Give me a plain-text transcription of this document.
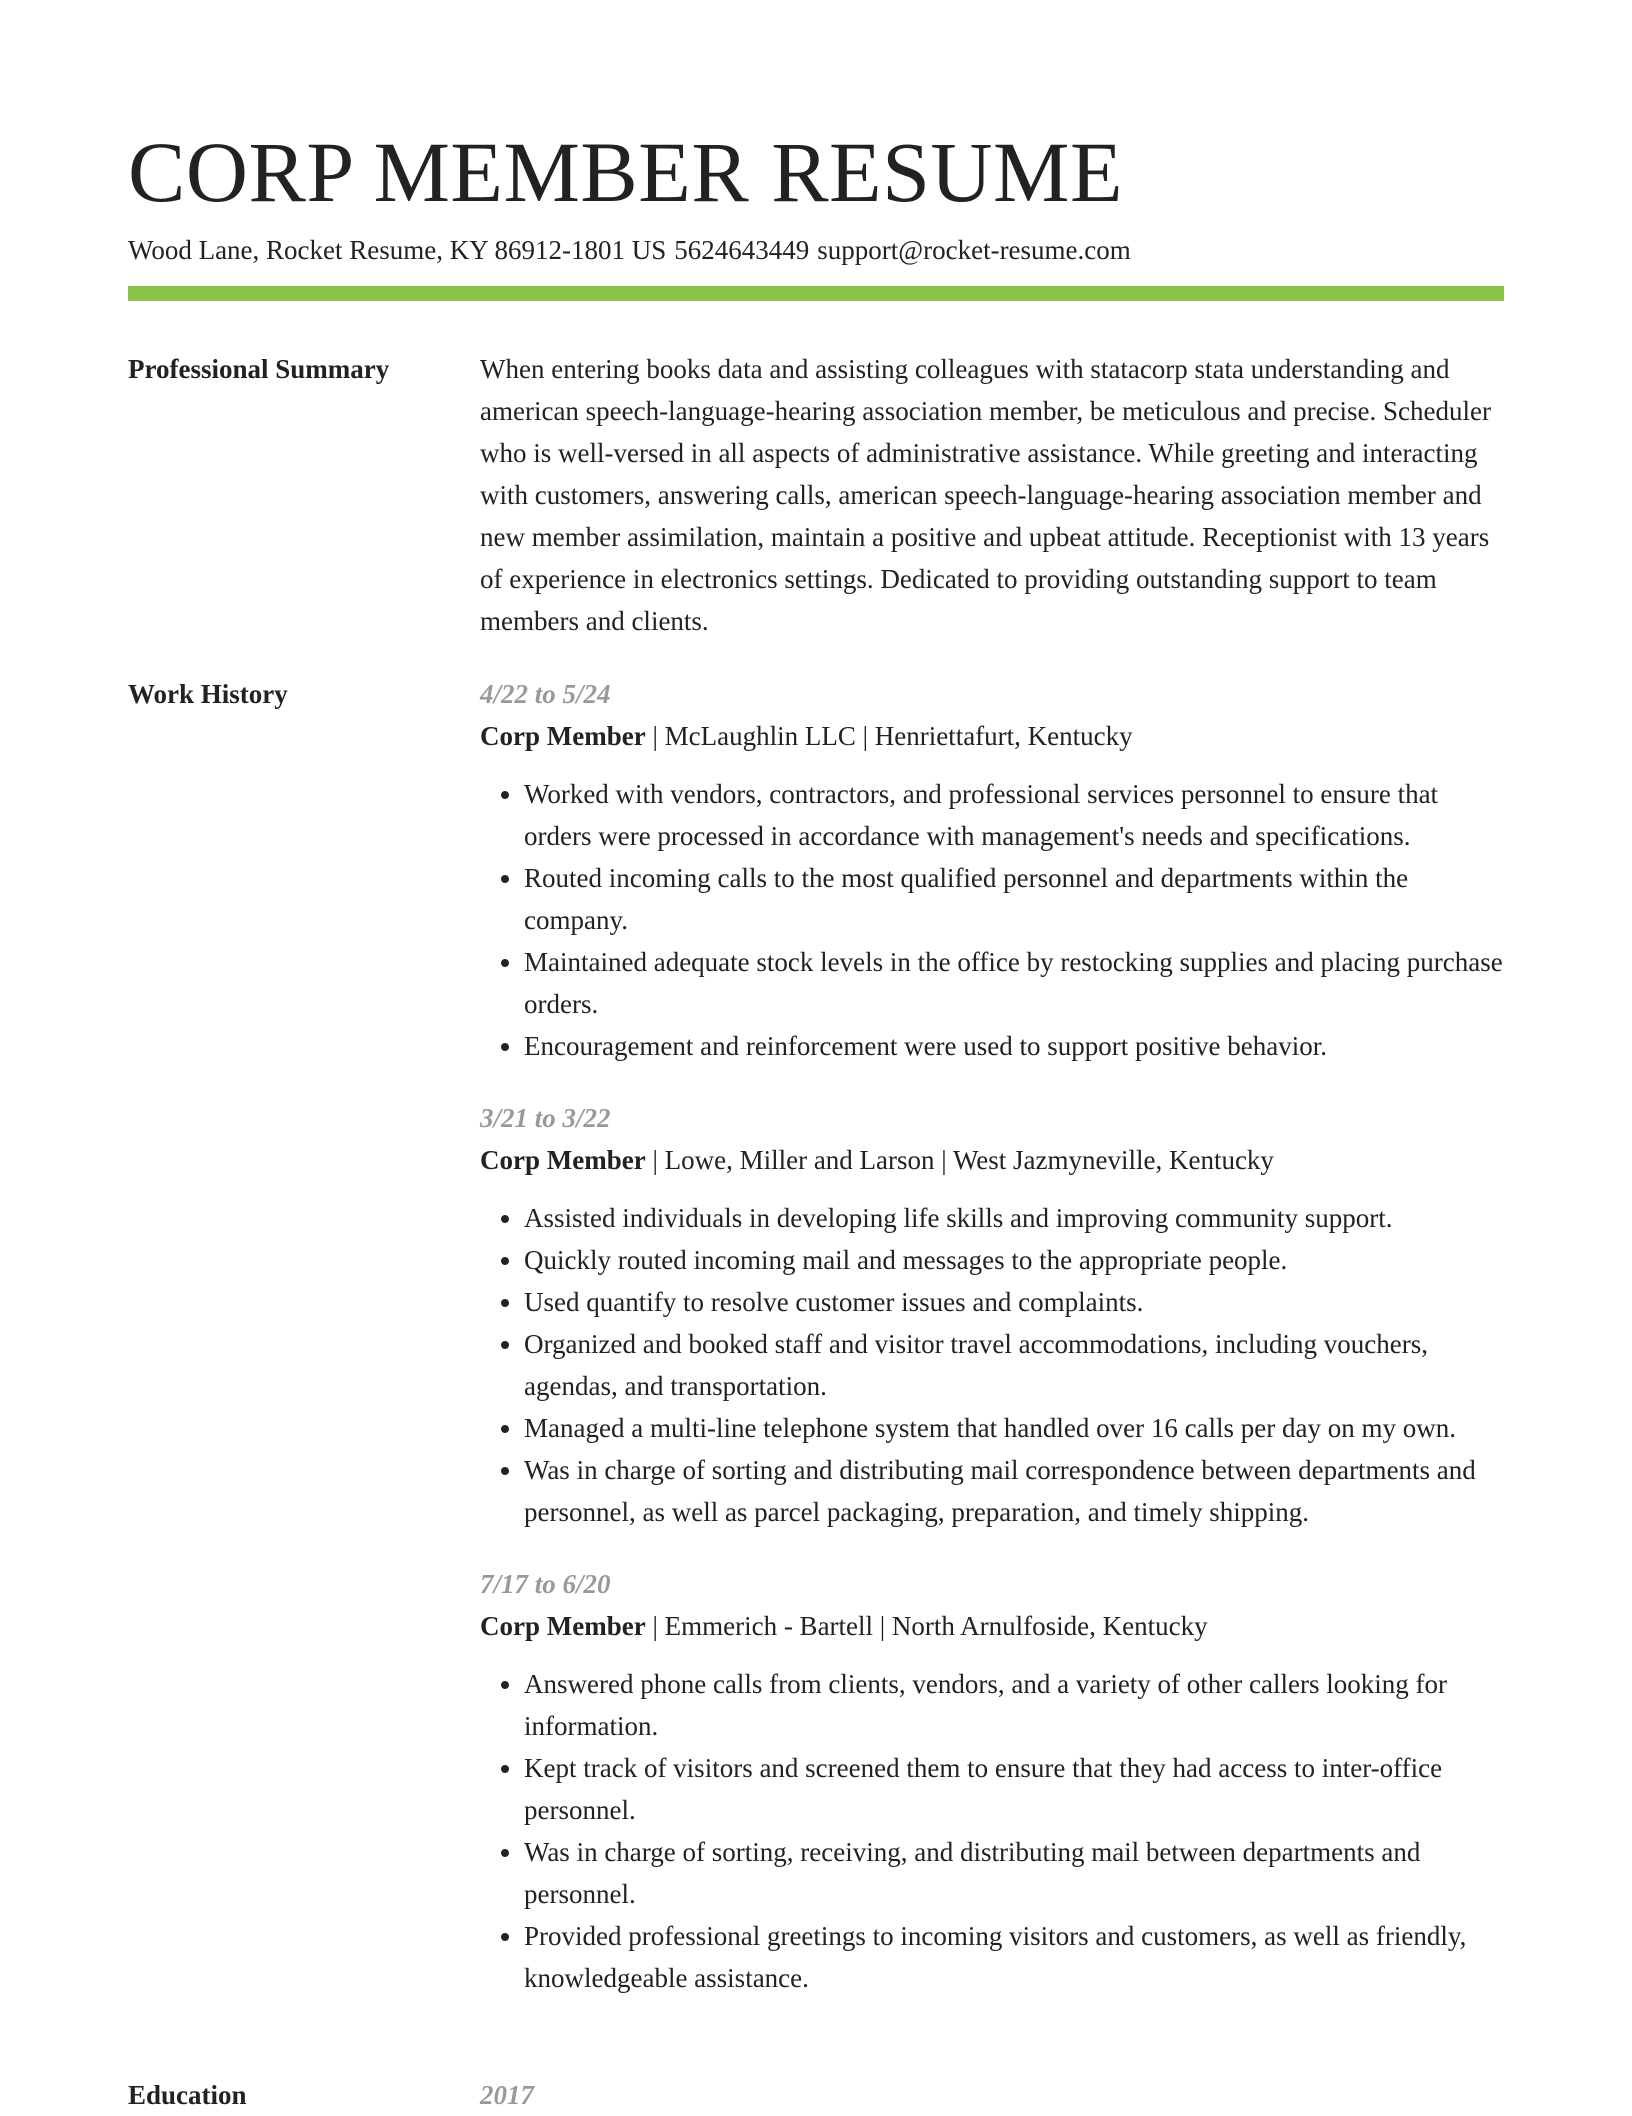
CORP MEMBER RESUME
Wood Lane, Rocket Resume, KY 86912-1801 US 5624643449 support@rocket-resume.com
Professional Summary	When entering books data and assisting colleagues with statacorp stata understanding and american speech-language-hearing association member, be meticulous and precise. Scheduler who is well-versed in all aspects of administrative assistance. While greeting and interacting with customers, answering calls, american speech-language-hearing association member and new member assimilation, maintain a positive and upbeat attitude. Receptionist with 13 years of experience in electronics settings. Dedicated to providing outstanding support to team members and clients.

Work History	4/22 to 5/24
Corp Member | McLaughlin LLC | Henriettafurt, Kentucky
• Worked with vendors, contractors, and professional services personnel to ensure that orders were processed in accordance with management's needs and specifications.
• Routed incoming calls to the most qualified personnel and departments within the company.
• Maintained adequate stock levels in the office by restocking supplies and placing purchase orders.
• Encouragement and reinforcement were used to support positive behavior.
3/21 to 3/22
Corp Member | Lowe, Miller and Larson | West Jazmyneville, Kentucky
• Assisted individuals in developing life skills and improving community support.
• Quickly routed incoming mail and messages to the appropriate people.
• Used quantify to resolve customer issues and complaints.
• Organized and booked staff and visitor travel accommodations, including vouchers, agendas, and transportation.
• Managed a multi-line telephone system that handled over 16 calls per day on my own.
• Was in charge of sorting and distributing mail correspondence between departments and personnel, as well as parcel packaging, preparation, and timely shipping.
7/17 to 6/20
Corp Member | Emmerich - Bartell | North Arnulfoside, Kentucky
• Answered phone calls from clients, vendors, and a variety of other callers looking for information.
• Kept track of visitors and screened them to ensure that they had access to inter-office personnel.
• Was in charge of sorting, receiving, and distributing mail between departments and personnel.
• Provided professional greetings to incoming visitors and customers, as well as friendly, knowledgeable assistance.
Education	2017
